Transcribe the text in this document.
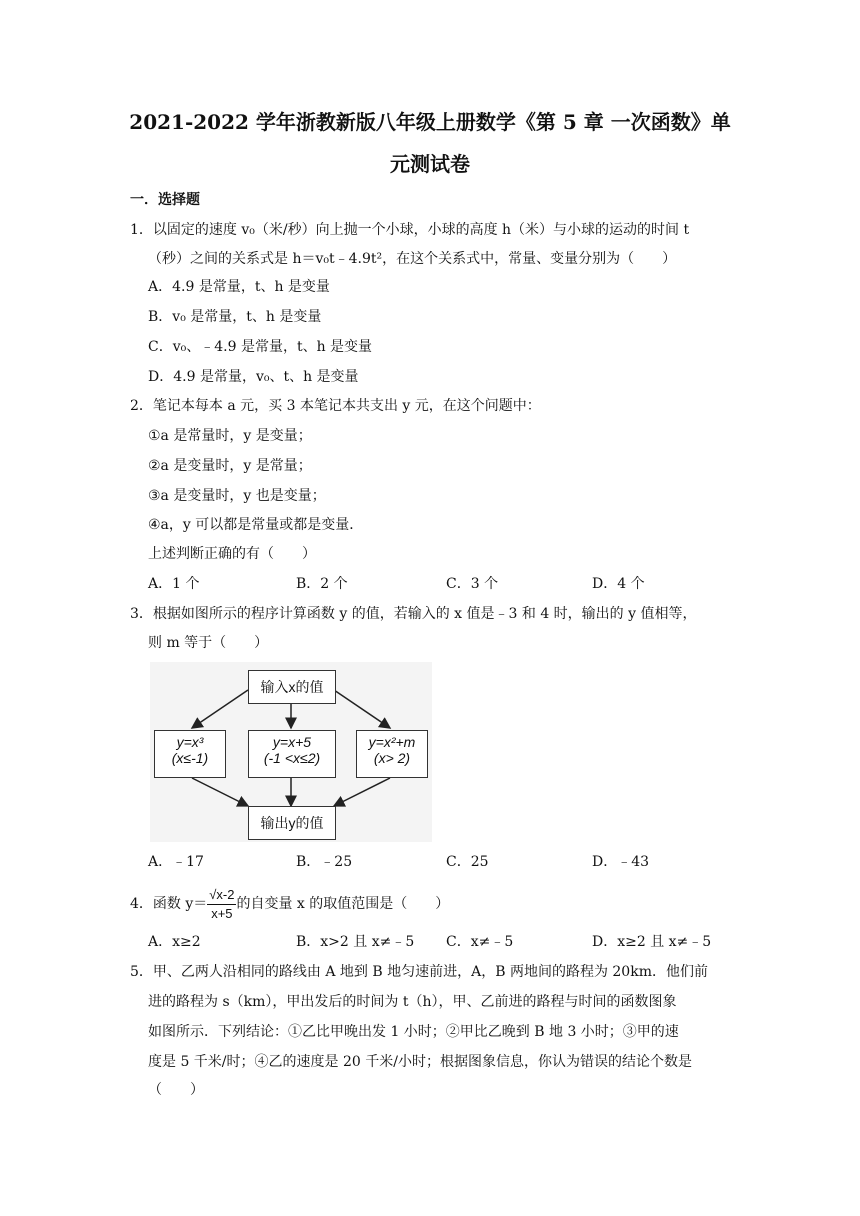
2021-2022 学年浙教新版八年级上册数学《第 5 章 一次函数》单
元测试卷
一．选择题
1．以固定的速度 v₀（米/秒）向上抛一个小球，小球的高度 h（米）与小球的运动的时间 t
（秒）之间的关系式是 h＝v₀t﹣4.9t²，在这个关系式中，常量、变量分别为（　　）
A．4.9 是常量，t、h 是变量
B．v₀ 是常量，t、h 是变量
C．v₀、﹣4.9 是常量，t、h 是变量
D．4.9 是常量，v₀、t、h 是变量
2．笔记本每本 a 元，买 3 本笔记本共支出 y 元，在这个问题中：
①a 是常量时，y 是变量；
②a 是变量时，y 是常量；
③a 是变量时，y 也是变量；
④a，y 可以都是常量或都是变量．
上述判断正确的有（　　）
A．1 个	B．2 个	C．3 个	D．4 个
3．根据如图所示的程序计算函数 y 的值，若输入的 x 值是﹣3 和 4 时，输出的 y 值相等，
则 m 等于（　　）
输入x的值
y=x³
(x≤-1)
y=x+5
(-1 <x≤2)
y=x²+m
(x> 2)
输出y的值
A．﹣17	B．﹣25	C．25	D．﹣43
4．函数 $y= \frac{√x-2}{x+5}$ 的自变量 x 的取值范围是（　　）
A．x≥2	B．x>2 且 x≠﹣5 C．x≠﹣5	D．x≥2 且 x≠﹣5
5．甲、乙两人沿相同的路线由 A 地到 B 地匀速前进，A，B 两地间的路程为 20km．他们前
进的路程为 s（km），甲出发后的时间为 t（h），甲、乙前进的路程与时间的函数图象
如图所示．下列结论：①乙比甲晚出发 1 小时；②甲比乙晚到 B 地 3 小时；③甲的速
度是 5 千米/时；④乙的速度是 20 千米/小时；根据图象信息，你认为错误的结论个数是
（　　）
